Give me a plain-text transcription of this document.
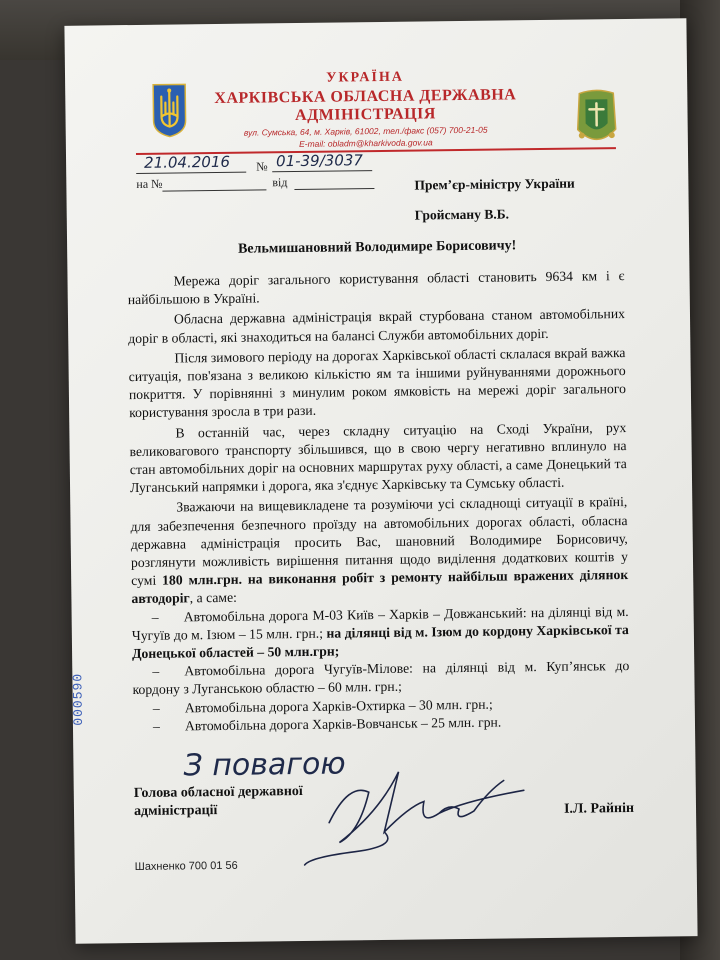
УКРАЇНА
ХАРКІВСЬКА ОБЛАСНА ДЕРЖАВНА
АДМІНІСТРАЦІЯ
вул. Сумська, 64, м. Харків, 61002, тел./факс (057) 700-21-05
E-mail: obladm@kharkivoda.gov.ua
21.04.2016 № 01-39/3037
на №	від	Прем’єр-міністру України
Гройсману В.Б.
Вельмишановний Володимире Борисовичу!

Мережа доріг загального користування області становить 9634 км і є найбільшою в Україні.

Обласна державна адміністрація вкрай стурбована станом автомобільних доріг в області, які знаходиться на балансі Служби автомобільних доріг.

Після зимового періоду на дорогах Харківської області склалася вкрай важка ситуація, пов'язана з великою кількістю ям та іншими руйнуваннями дорожнього покриття. У порівнянні з минулим роком ямковість на мережі доріг загального користування зросла в три рази.

В останній час, через складну ситуацію на Сході України, рух великовагового транспорту збільшився, що в свою чергу негативно вплинуло на стан автомобільних доріг на основних маршрутах руху області, а саме Донецький та Луганський напрямки і дорога, яка з'єднує Харківську та Сумську області.

Зважаючи на вищевикладене та розуміючи усі складнощі ситуації в країні, для забезпечення безпечного проїзду на автомобільних дорогах області, обласна державна адміністрація просить Вас, шановний Володимире Борисовичу, розглянути можливість вирішення питання щодо виділення додаткових коштів у сумі 180 млн.грн. на виконання робіт з ремонту найбільш вражених ділянок автодоріг, а саме:

– Автомобільна дорога М-03 Київ – Харків – Довжанський: на ділянці від м. Чугуїв до м. Ізюм – 15 млн. грн.; на ділянці від м. Ізюм до кордону Харківської та Донецької областей – 50 млн.грн;

– Автомобільна дорога Чугуїв-Мілове: на ділянці від м. Куп’янськ до кордону з Луганською областю – 60 млн. грн.;

– Автомобільна дорога Харків-Охтирка – 30 млн. грн.;

– Автомобільна дорога Харків-Вовчанськ – 25 млн. грн.

З повагою
Голова обласної державної
адміністрації	І.Л. Райнін
Шахненко 700 01 56
000590
